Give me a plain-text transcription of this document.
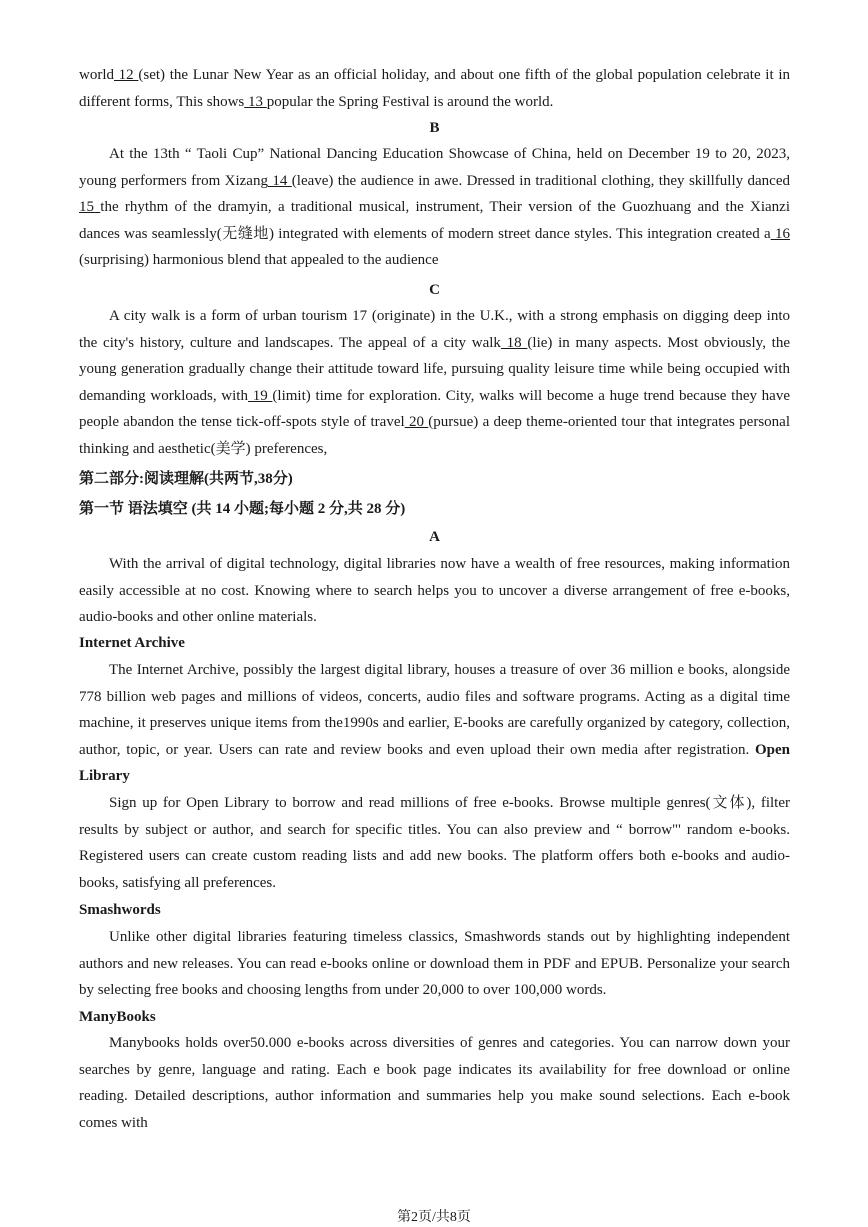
world 12 (set) the Lunar New Year as an official holiday, and about one fifth of the global population celebrate it in different forms, This shows 13 popular the Spring Festival is around the world.
B
At the 13th “ Taoli Cup” National Dancing Education Showcase of China, held on December 19 to 20, 2023, young performers from Xizang 14 (leave) the audience in awe. Dressed in traditional clothing, they skillfully danced 15 the rhythm of the dramyin, a traditional musical, instrument, Their version of the Guozhuang and the Xianzi dances was seamlessly(无缝地) integrated with elements of modern street dance styles. This integration created a 16 (surprising) harmonious blend that appealed to the audience
C
A city walk is a form of urban tourism 17 (originate) in the U.K., with a strong emphasis on digging deep into the city's history, culture and landscapes. The appeal of a city walk 18 (lie) in many aspects. Most obviously, the young generation gradually change their attitude toward life, pursuing quality leisure time while being occupied with demanding workloads, with 19 (limit) time for exploration. City, walks will become a huge trend because they have people abandon the tense tick-off-spots style of travel 20 (pursue) a deep theme-oriented tour that integrates personal thinking and aesthetic(美学) preferences,
第二部分:阅读理解(共两节,38分)
第一节 语法填空 (共 14 小题;每小题 2 分,共 28 分)
A
With the arrival of digital technology, digital libraries now have a wealth of free resources, making information easily accessible at no cost. Knowing where to search helps you to uncover a diverse arrangement of free e-books, audio-books and other online materials.
Internet Archive
The Internet Archive, possibly the largest digital library, houses a treasure of over 36 million e books, alongside 778 billion web pages and millions of videos, concerts, audio files and software programs. Acting as a digital time machine, it preserves unique items from the1990s and earlier, E-books are carefully organized by category, collection, author, topic, or year. Users can rate and review books and even upload their own media after registration. Open Library
Sign up for Open Library to borrow and read millions of free e-books. Browse multiple genres(文体), filter results by subject or author, and search for specific titles. You can also preview and “ borrow"' random e-books. Registered users can create custom reading lists and add new books. The platform offers both e-books and audio-books, satisfying all preferences.
Smashwords
Unlike other digital libraries featuring timeless classics, Smashwords stands out by highlighting independent authors and new releases. You can read e-books online or download them in PDF and EPUB. Personalize your search by selecting free books and choosing lengths from under 20,000 to over 100,000 words.
ManyBooks
Manybooks holds over50.000 e-books across diversities of genres and categories. You can narrow down your searches by genre, language and rating. Each e book page indicates its availability for free download or online reading. Detailed descriptions, author information and summaries help you make sound selections. Each e-book comes with
第2页/共8页
